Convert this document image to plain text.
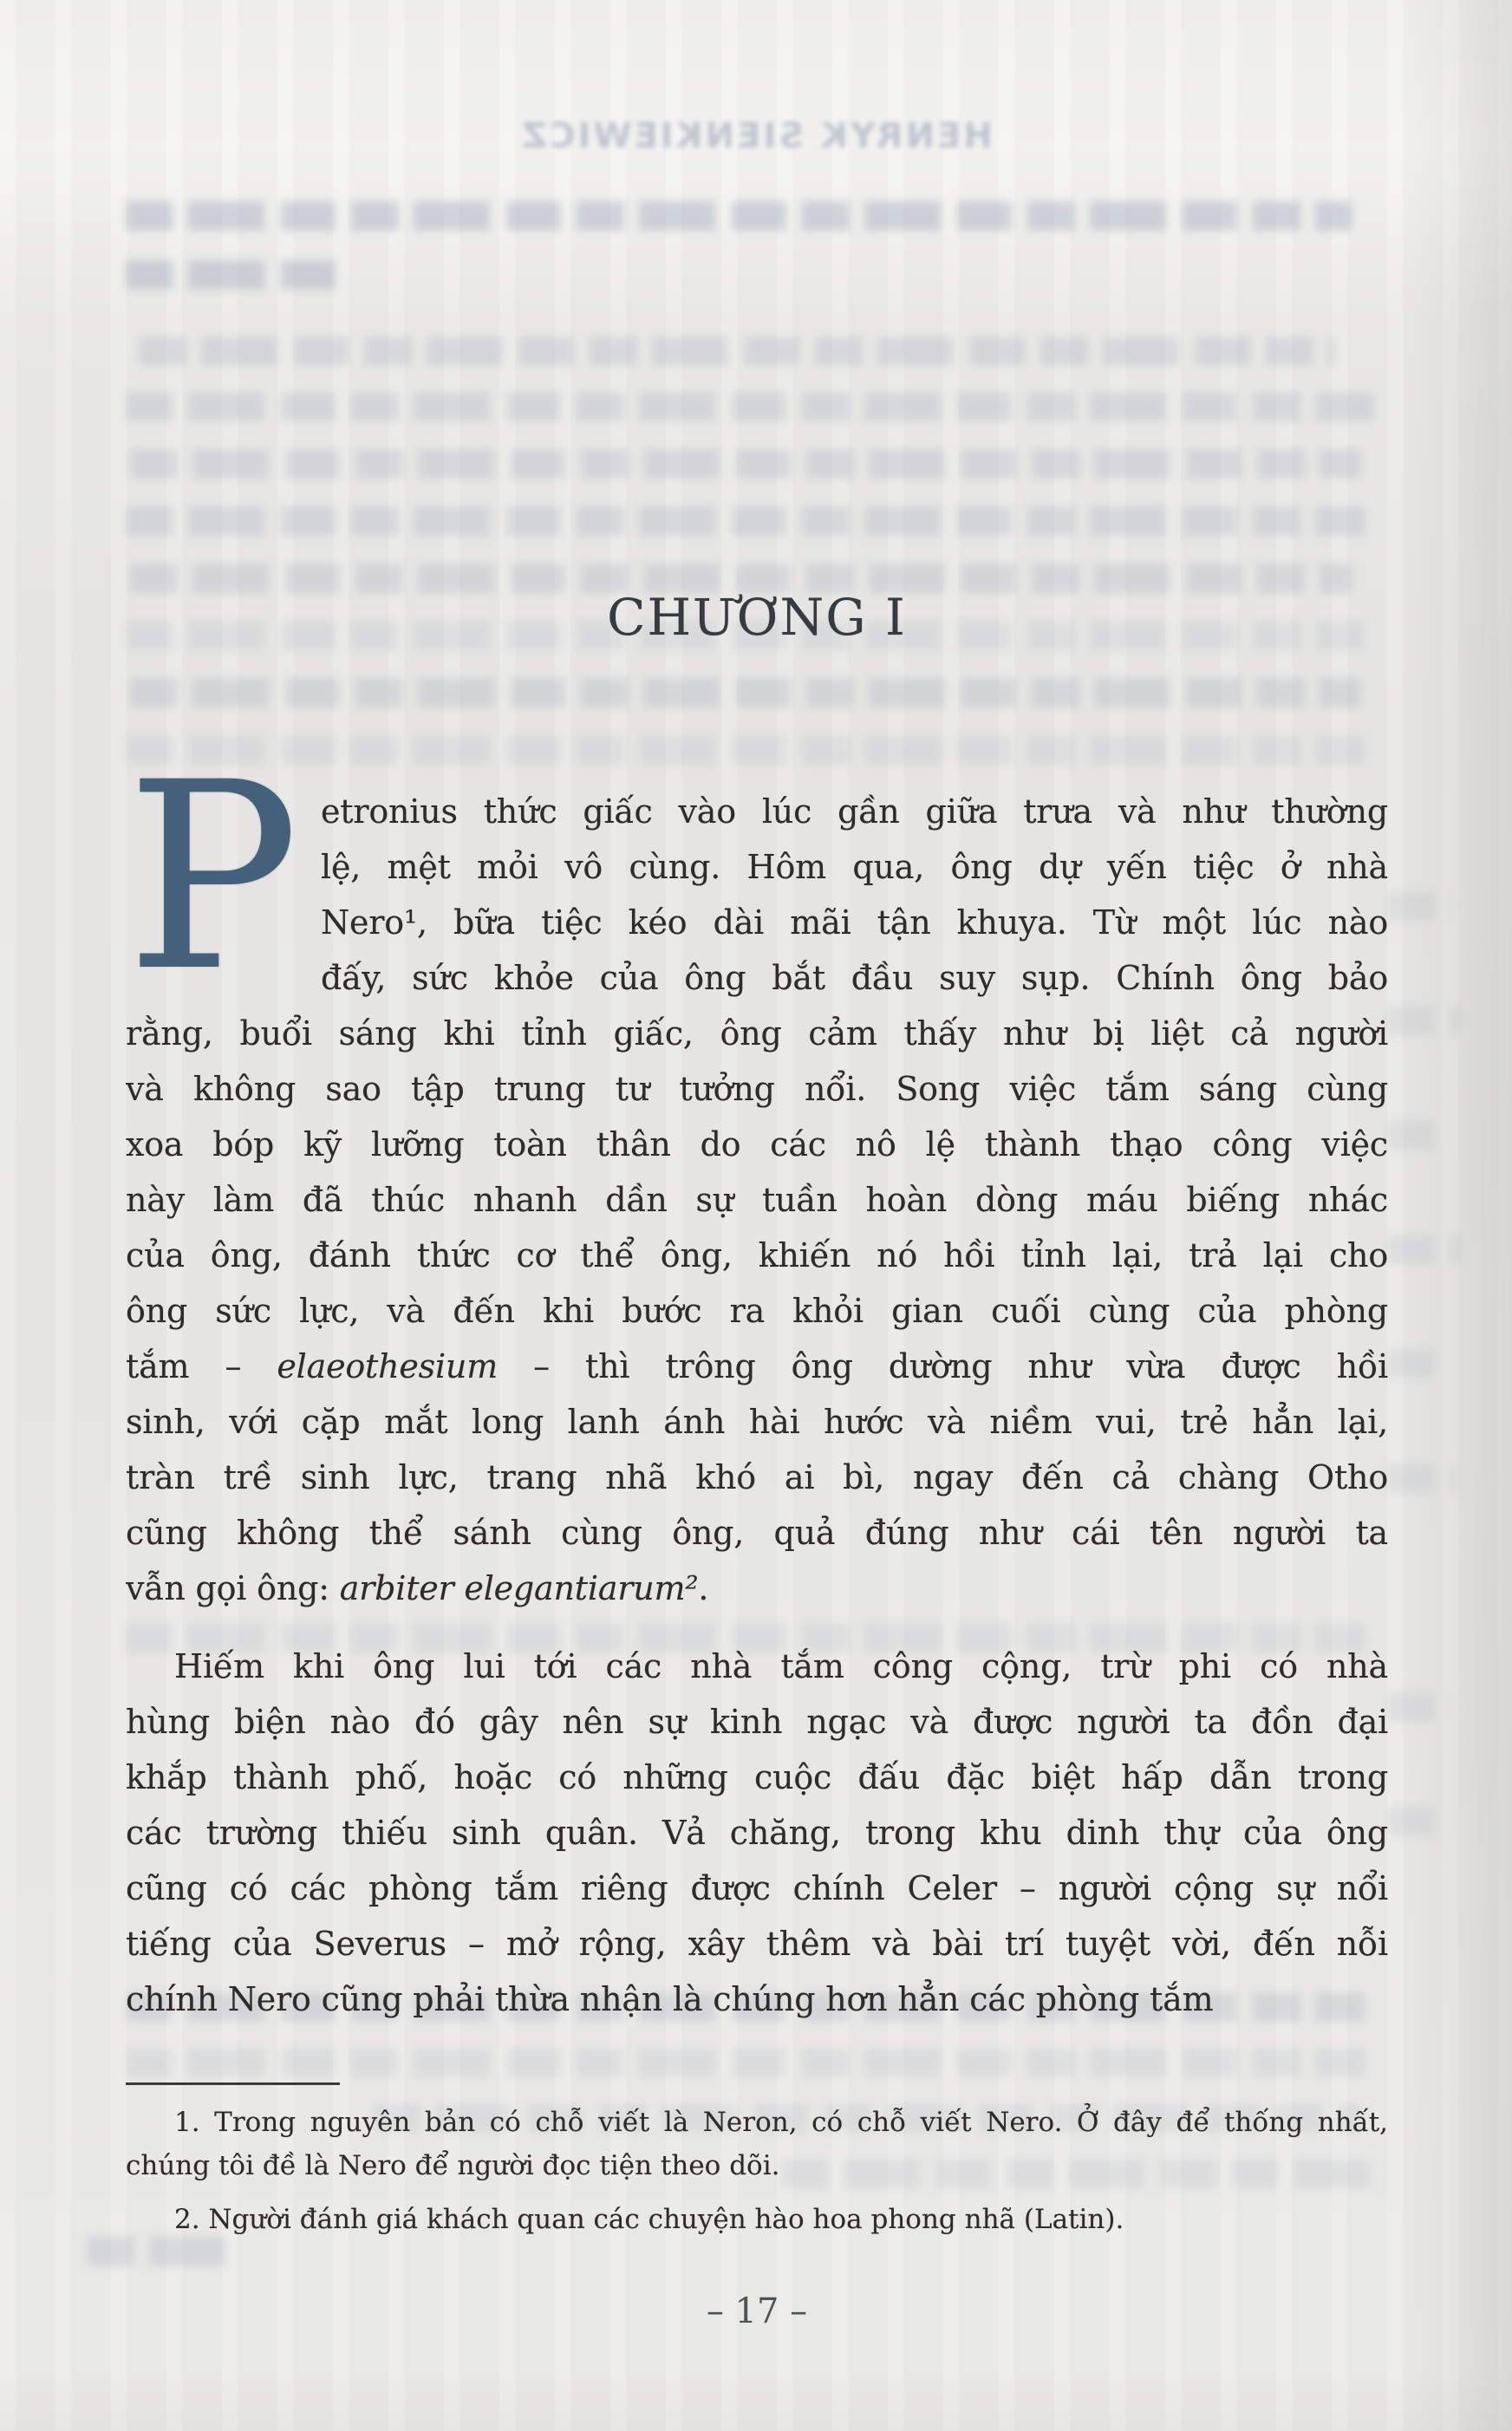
HENRYK SIENKIEWICZ
CHƯƠNG I
P etronius thức giấc vào lúc gần giữa trưa và như thường
lệ, mệt mỏi vô cùng. Hôm qua, ông dự yến tiệc ở nhà
Nero¹, bữa tiệc kéo dài mãi tận khuya. Từ một lúc nào
đấy, sức khỏe của ông bắt đầu suy sụp. Chính ông bảo
rằng, buổi sáng khi tỉnh giấc, ông cảm thấy như bị liệt cả người
và không sao tập trung tư tưởng nổi. Song việc tắm sáng cùng
xoa bóp kỹ lưỡng toàn thân do các nô lệ thành thạo công việc
này làm đã thúc nhanh dần sự tuần hoàn dòng máu biếng nhác
của ông, đánh thức cơ thể ông, khiến nó hồi tỉnh lại, trả lại cho
ông sức lực, và đến khi bước ra khỏi gian cuối cùng của phòng
tắm – elaeothesium – thì trông ông dường như vừa được hồi
sinh, với cặp mắt long lanh ánh hài hước và niềm vui, trẻ hẳn lại,
tràn trề sinh lực, trang nhã khó ai bì, ngay đến cả chàng Otho
cũng không thể sánh cùng ông, quả đúng như cái tên người ta
vẫn gọi ông: arbiter elegantiarum².
Hiếm khi ông lui tới các nhà tắm công cộng, trừ phi có nhà
hùng biện nào đó gây nên sự kinh ngạc và được người ta đồn đại
khắp thành phố, hoặc có những cuộc đấu đặc biệt hấp dẫn trong
các trường thiếu sinh quân. Vả chăng, trong khu dinh thự của ông
cũng có các phòng tắm riêng được chính Celer – người cộng sự nổi
tiếng của Severus – mở rộng, xây thêm và bài trí tuyệt vời, đến nỗi
chính Nero cũng phải thừa nhận là chúng hơn hẳn các phòng tắm
1. Trong nguyên bản có chỗ viết là Neron, có chỗ viết Nero. Ở đây để thống nhất,
chúng tôi đề là Nero để người đọc tiện theo dõi.
2. Người đánh giá khách quan các chuyện hào hoa phong nhã (Latin).
– 17 –
